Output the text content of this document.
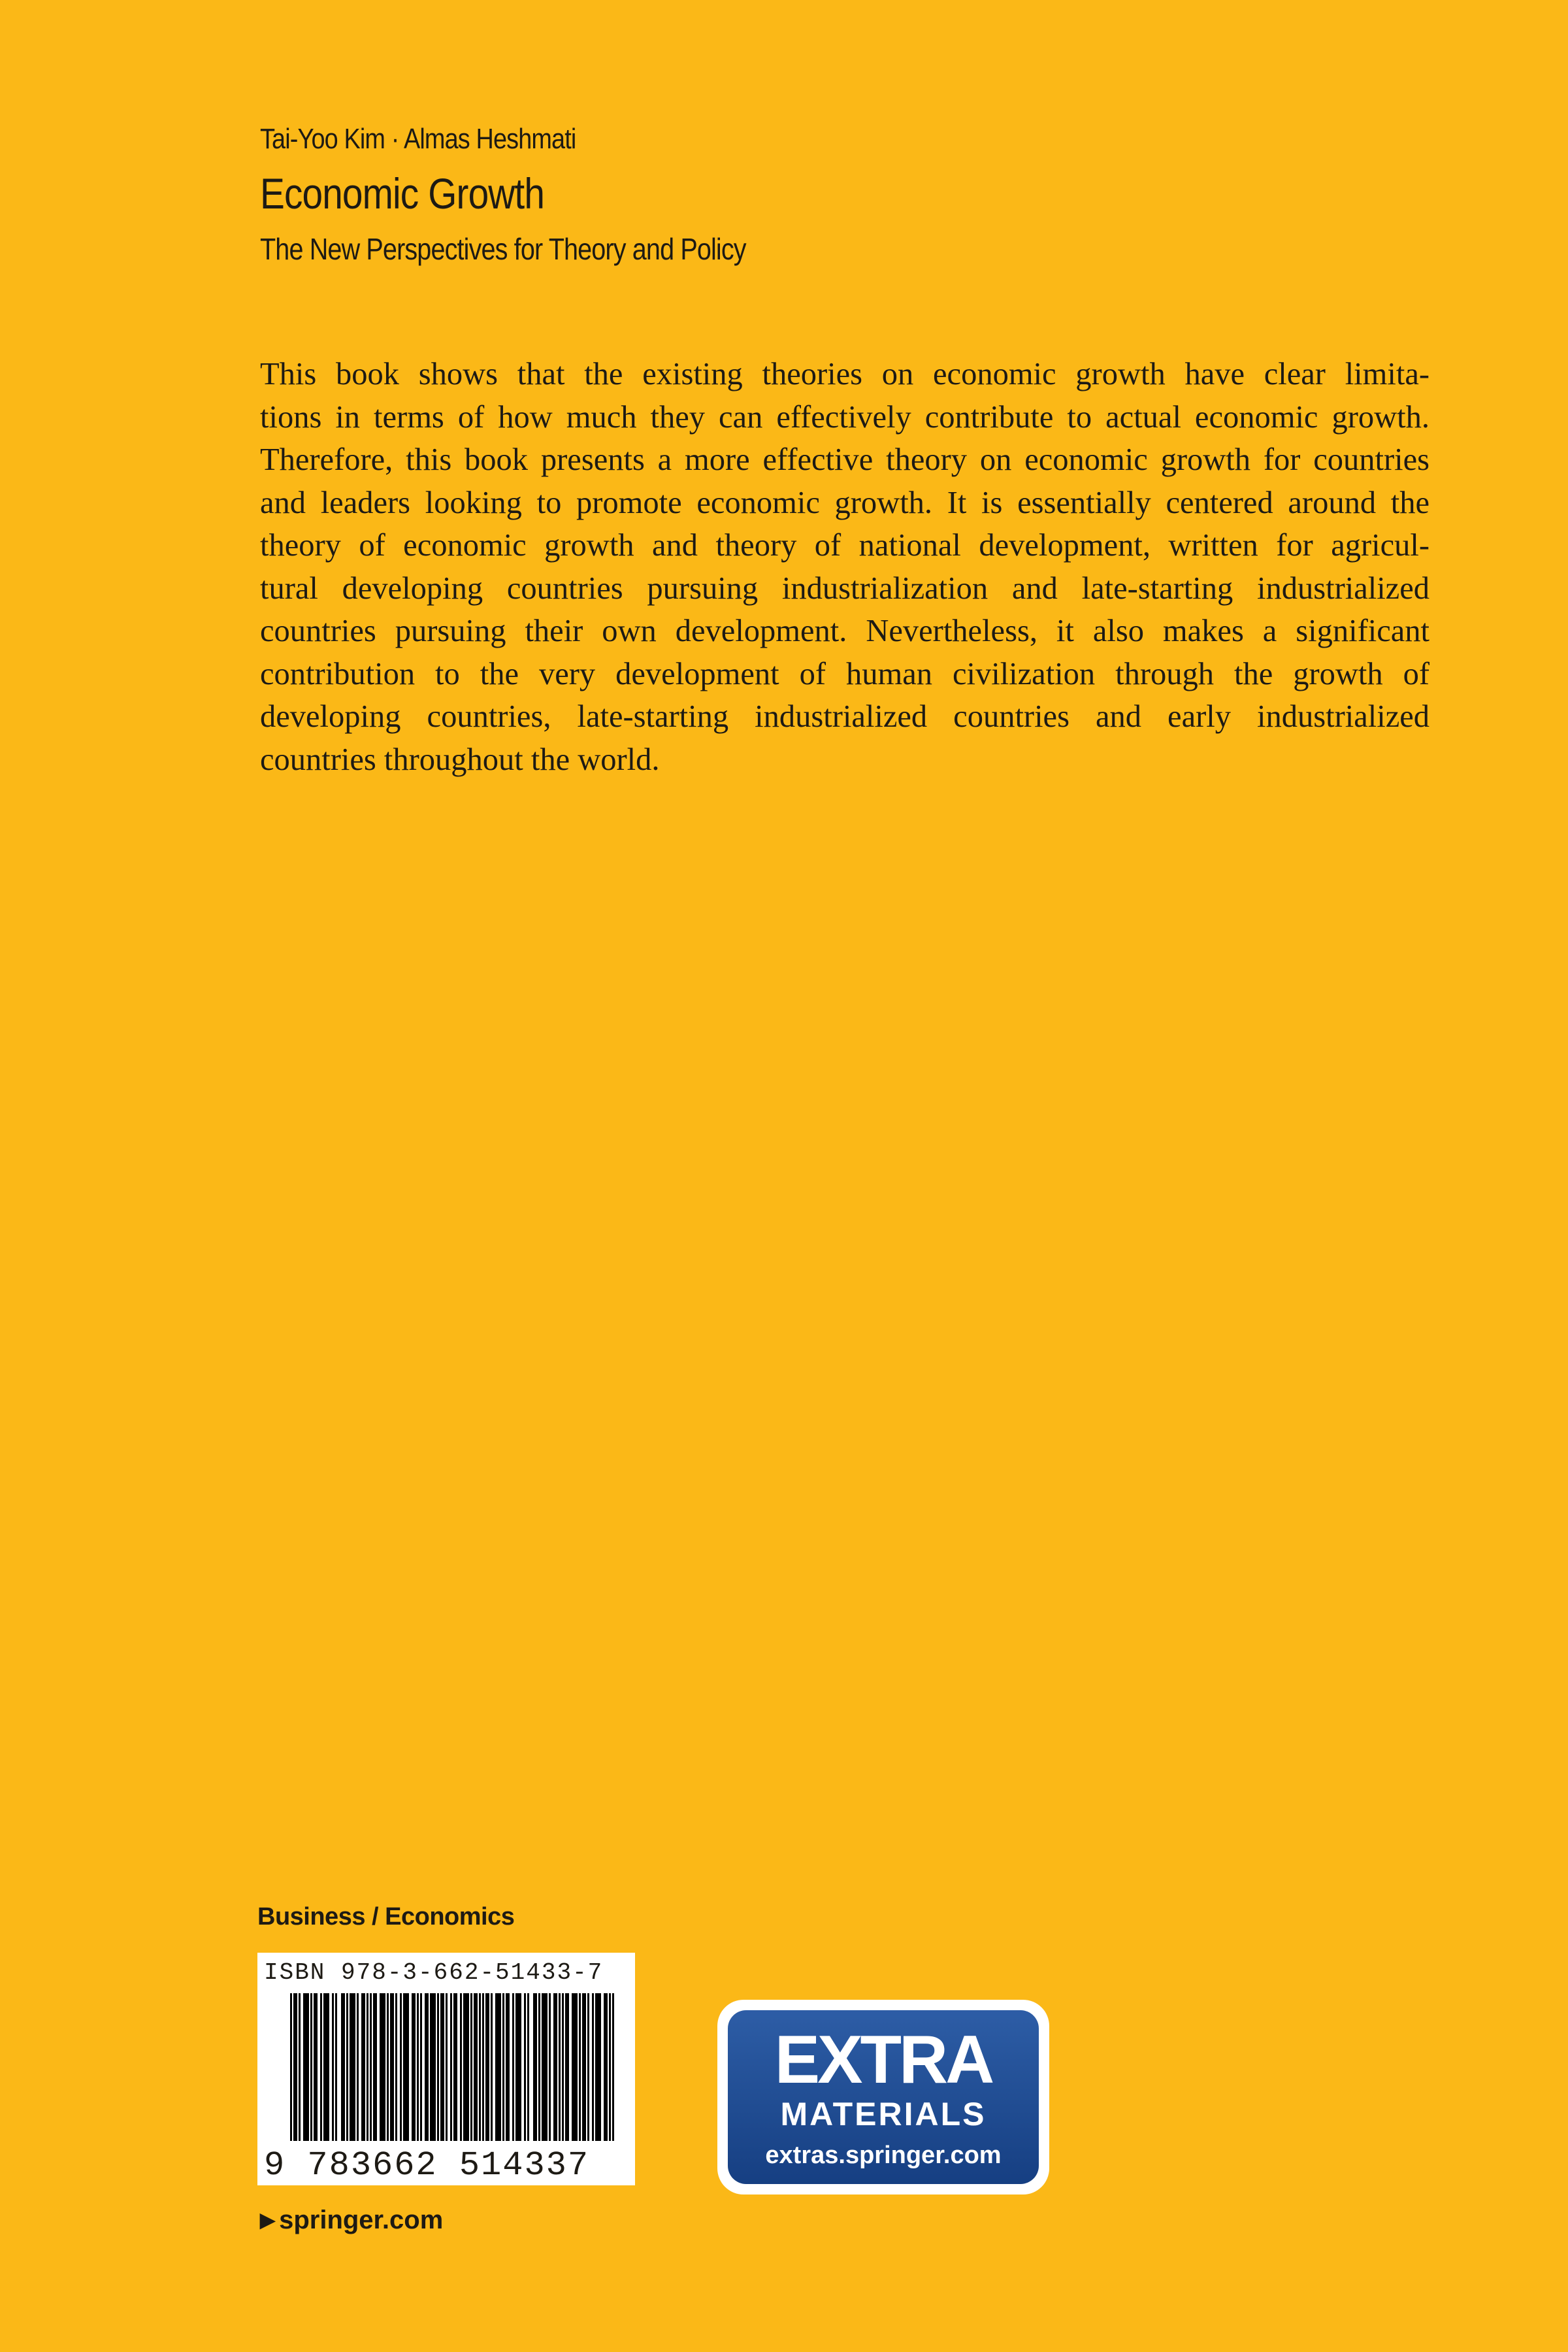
Tai-Yoo Kim · Almas Heshmati
Economic Growth
The New Perspectives for Theory and Policy
This book shows that the existing theories on economic growth have clear limita-
tions in terms of how much they can effectively contribute to actual economic growth.
Therefore, this book presents a more effective theory on economic growth for countries
and leaders looking to promote economic growth. It is essentially centered around the
theory of economic growth and theory of national development, written for agricul-
tural developing countries pursuing industrialization and late-starting industrialized
countries pursuing their own development. Nevertheless, it also makes a significant
contribution to the very development of human civilization through the growth of
developing countries, late-starting industrialized countries and early industrialized
countries throughout the world.
Business / Economics
ISBN 978-3-662-51433-7
9 783662 514337
EXTRA
MATERIALS
extras.springer.com
▶ springer.com
